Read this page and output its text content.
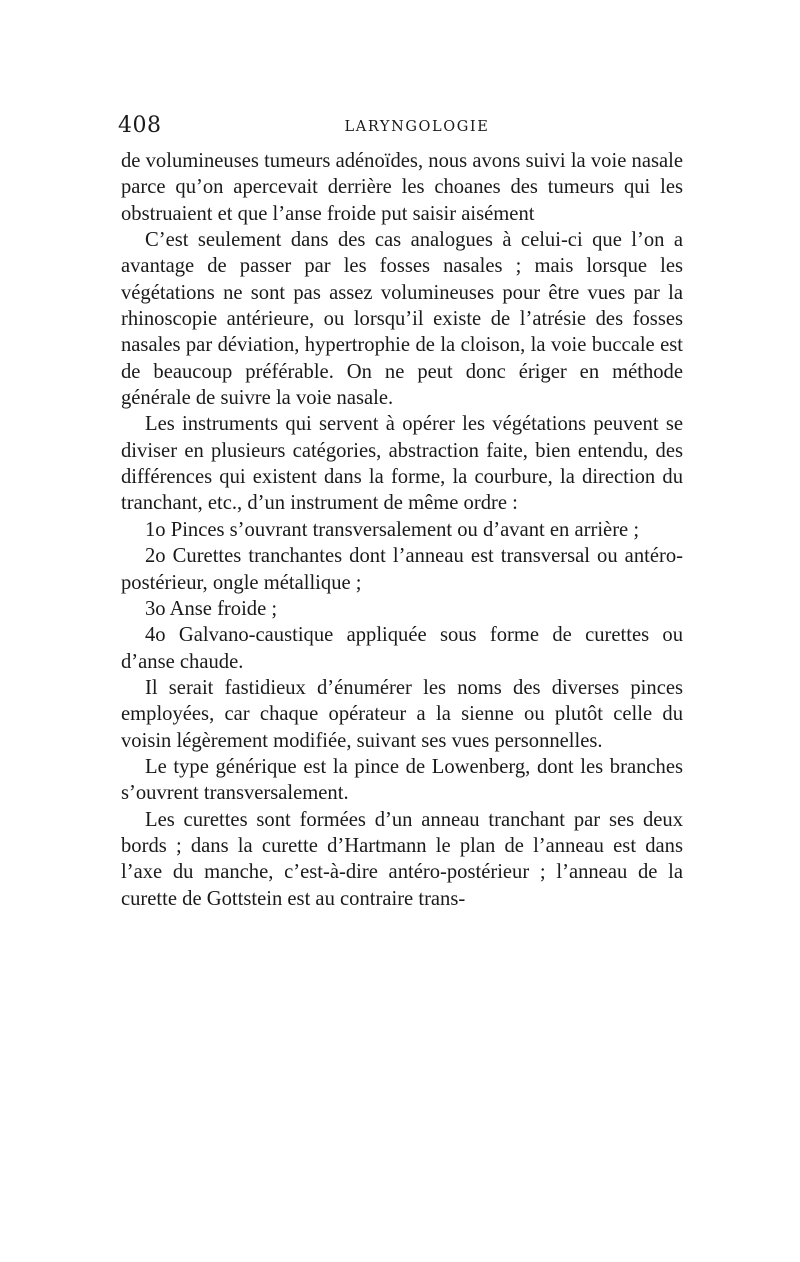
408	LARYNGOLOGIE

de volumineuses tumeurs adénoïdes, nous avons suivi la voie nasale parce qu’on apercevait derrière les choanes des tumeurs qui les obstruaient et que l’anse froide put saisir aisément

C’est seulement dans des cas analogues à celui-ci que l’on a avantage de passer par les fosses nasales ; mais lorsque les végétations ne sont pas assez volumineuses pour être vues par la rhinoscopie antérieure, ou lorsqu’il existe de l’atrésie des fosses nasales par déviation, hypertrophie de la cloison, la voie buccale est de beaucoup préférable. On ne peut donc ériger en méthode générale de suivre la voie nasale.

Les instruments qui servent à opérer les végétations peuvent se diviser en plusieurs catégories, abstraction faite, bien entendu, des différences qui existent dans la forme, la courbure, la direction du tranchant, etc., d’un instrument de même ordre :

1o Pinces s’ouvrant transversalement ou d’avant en arrière ;

2o Curettes tranchantes dont l’anneau est transversal ou antéro-postérieur, ongle métallique ;

3o Anse froide ;

4o Galvano-caustique appliquée sous forme de curettes ou d’anse chaude.

Il serait fastidieux d’énumérer les noms des diverses pinces employées, car chaque opérateur a la sienne ou plutôt celle du voisin légèrement modifiée, suivant ses vues personnelles.

Le type générique est la pince de Lowenberg, dont les branches s’ouvrent transversalement.

Les curettes sont formées d’un anneau tranchant par ses deux bords ; dans la curette d’Hartmann le plan de l’anneau est dans l’axe du manche, c’est-à-dire antéro-postérieur ; l’anneau de la curette de Gottstein est au contraire trans-
